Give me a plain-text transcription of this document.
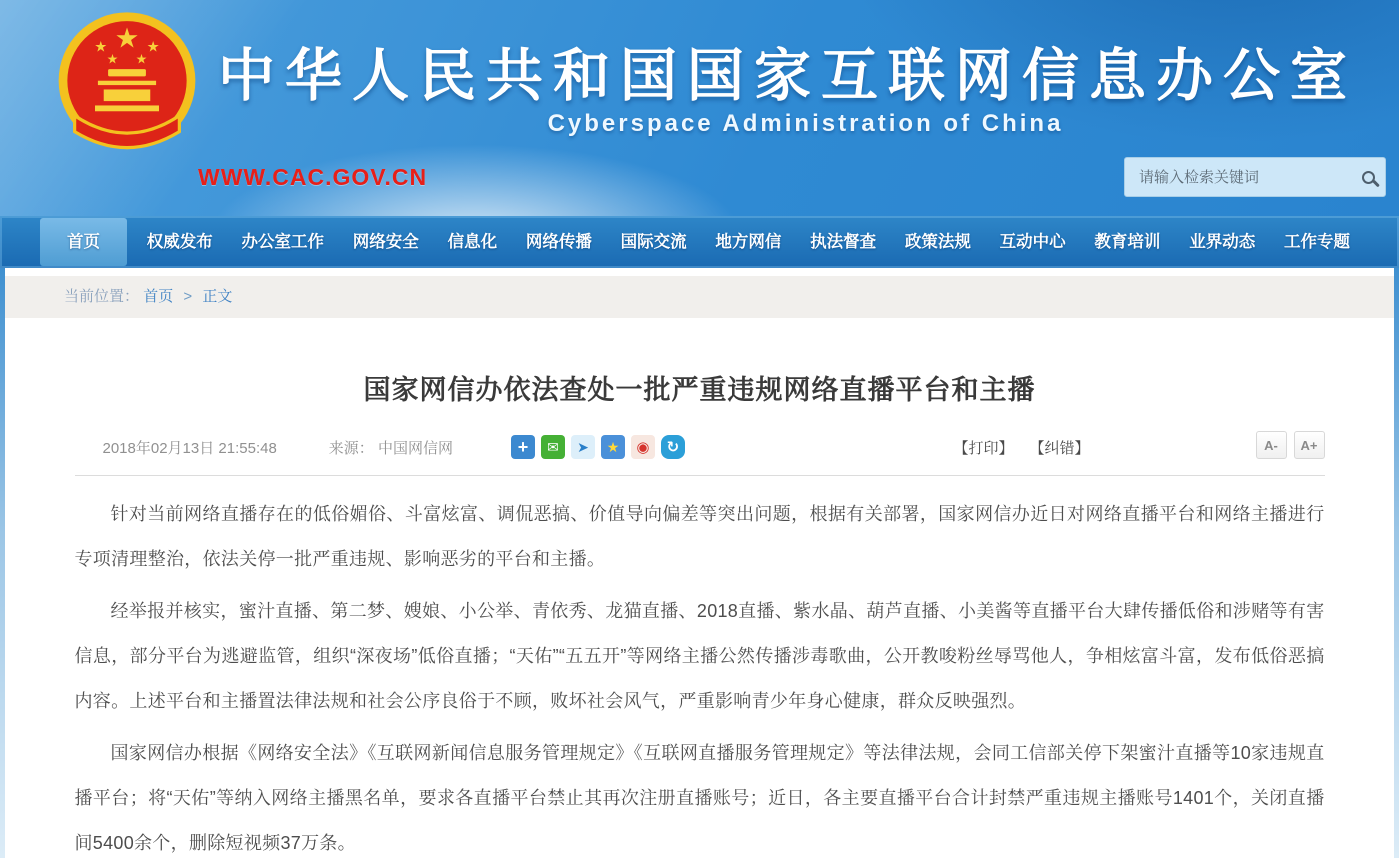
★
★	★
★ ★ 中华人民共和国国家互联网信息办公室
Cyberspace Administration of China
WWW.CAC.GOV.CN
请输入检索关键词
首页	权威发布	办公室工作	网络安全	信息化	网络传播	国际交流	地方网信	执法督查	政策法规	互动中心	教育培训	业界动态	工作专题
当前位置： 首页 > 正文
国家网信办依法查处一批严重违规网络直播平台和主播
2018年02月13日 21:55:48	来源： 中国网信网	+	✉	➤	★	◉	↻	【打印】 【纠错】	A-	A+

针对当前网络直播存在的低俗媚俗、斗富炫富、调侃恶搞、价值导向偏差等突出问题，根据有关部署，国家网信办近日对网络直播平台和网络主播进行专项清理整治，依法关停一批严重违规、影响恶劣的平台和主播。

经举报并核实，蜜汁直播、第二梦、嫂娘、小公举、青依秀、龙猫直播、2018直播、紫水晶、葫芦直播、小美酱等直播平台大肆传播低俗和涉赌等有害信息，部分平台为逃避监管，组织“深夜场”低俗直播；“天佑”“五五开”等网络主播公然传播涉毒歌曲，公开教唆粉丝辱骂他人，争相炫富斗富，发布低俗恶搞内容。上述平台和主播置法律法规和社会公序良俗于不顾，败坏社会风气，严重影响青少年身心健康，群众反映强烈。

国家网信办根据《网络安全法》《互联网新闻信息服务管理规定》《互联网直播服务管理规定》等法律法规，会同工信部关停下架蜜汁直播等10家违规直播平台；将“天佑”等纳入网络主播黑名单，要求各直播平台禁止其再次注册直播账号；近日，各主要直播平台合计封禁严重违规主播账号1401个，关闭直播间5400余个，删除短视频37万条。
